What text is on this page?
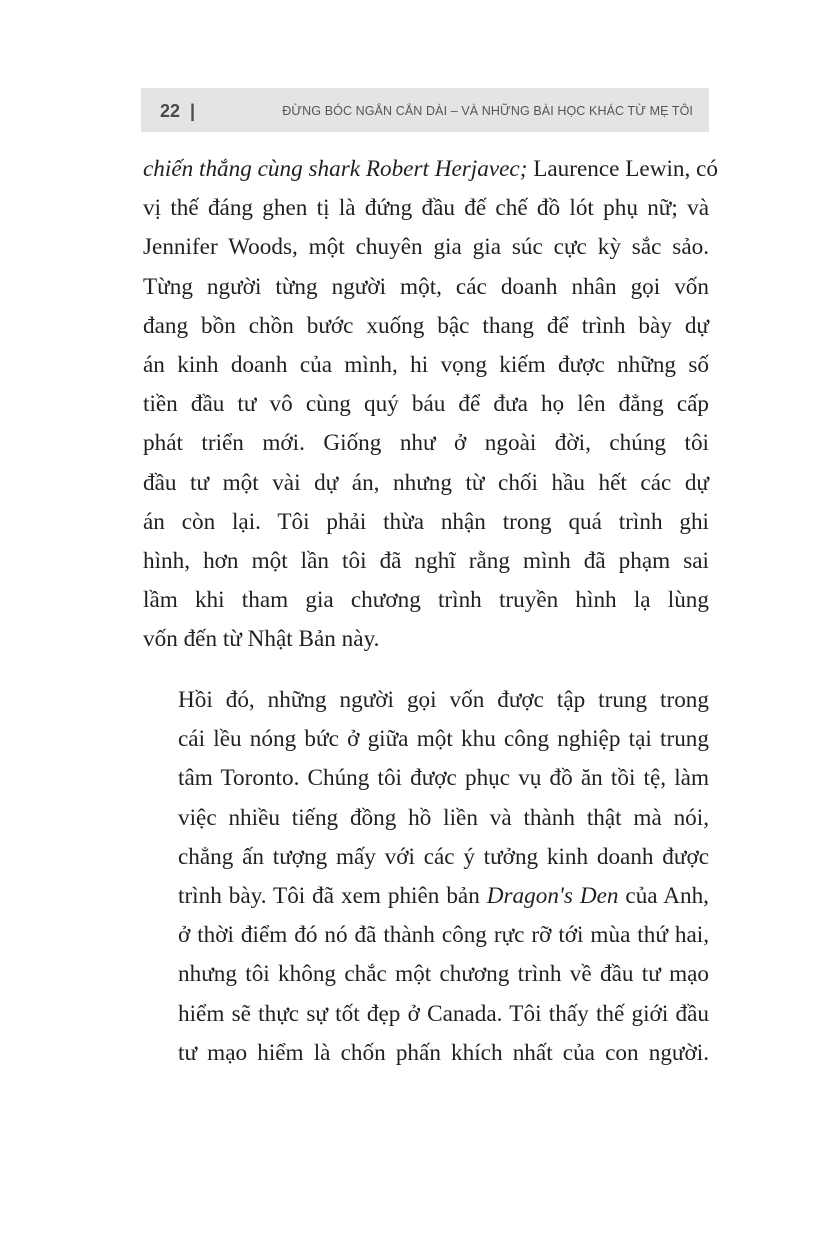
22 |	ĐỪNG BÓC NGẮN CẮN DÀI – VÀ NHỮNG BÀI HỌC KHÁC TỪ MẸ TÔI
chiến thắng cùng shark Robert Herjavec; Laurence Lewin, có
vị thế đáng ghen tị là đứng đầu đế chế đồ lót phụ nữ; và
Jennifer Woods, một chuyên gia gia súc cực kỳ sắc sảo.
Từng người từng người một, các doanh nhân gọi vốn
đang bồn chồn bước xuống bậc thang để trình bày dự
án kinh doanh của mình, hi vọng kiếm được những số
tiền đầu tư vô cùng quý báu để đưa họ lên đẳng cấp
phát triển mới. Giống như ở ngoài đời, chúng tôi
đầu tư một vài dự án, nhưng từ chối hầu hết các dự
án còn lại. Tôi phải thừa nhận trong quá trình ghi
hình, hơn một lần tôi đã nghĩ rằng mình đã phạm sai
lầm khi tham gia chương trình truyền hình lạ lùng
vốn đến từ Nhật Bản này.
Hồi đó, những người gọi vốn được tập trung trong
cái lều nóng bức ở giữa một khu công nghiệp tại trung
tâm Toronto. Chúng tôi được phục vụ đồ ăn tồi tệ, làm
việc nhiều tiếng đồng hồ liền và thành thật mà nói,
chẳng ấn tượng mấy với các ý tưởng kinh doanh được
trình bày. Tôi đã xem phiên bản Dragon's Den của Anh,
ở thời điểm đó nó đã thành công rực rỡ tới mùa thứ hai,
nhưng tôi không chắc một chương trình về đầu tư mạo
hiểm sẽ thực sự tốt đẹp ở Canada. Tôi thấy thế giới đầu
tư mạo hiểm là chốn phấn khích nhất của con người.
